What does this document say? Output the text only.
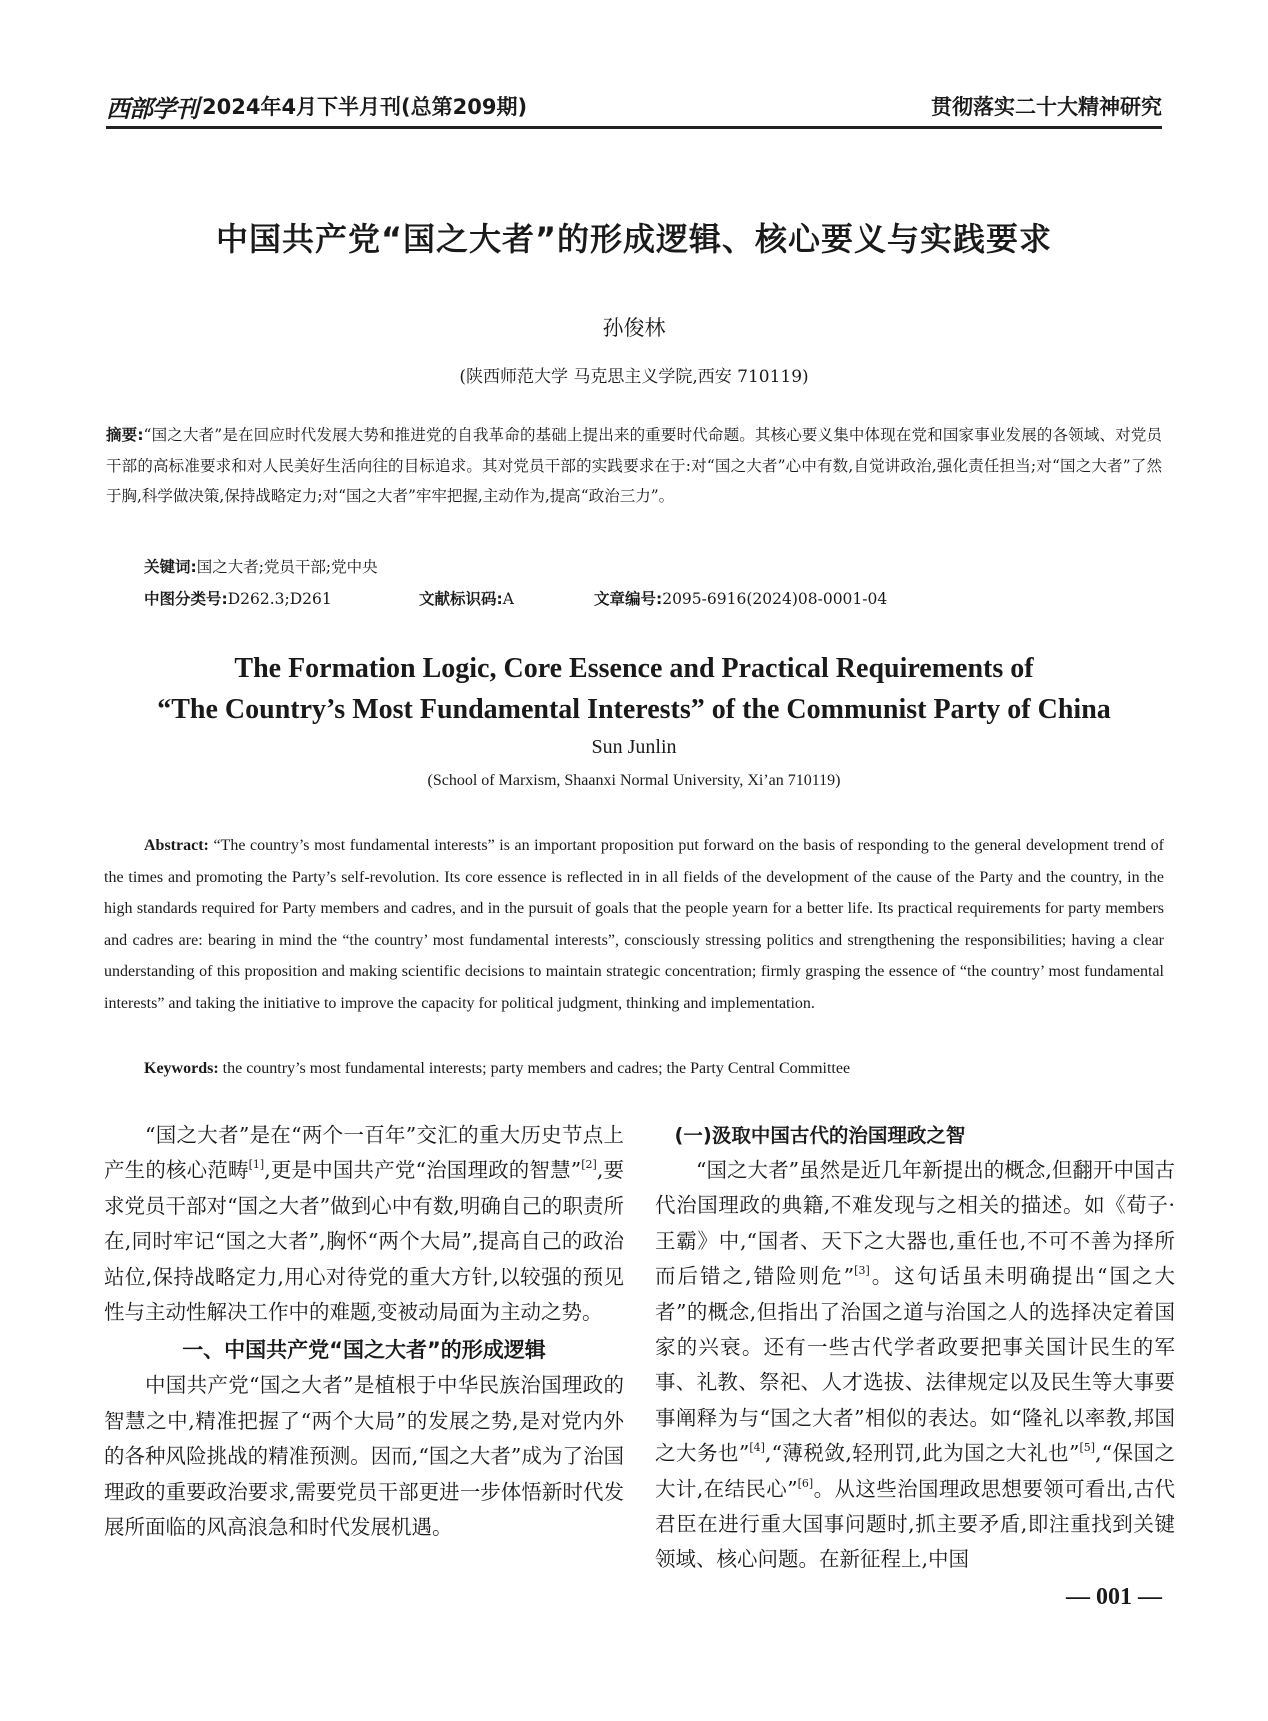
西部学刊 2024年4月下半月刊(总第209期)	贯彻落实二十大精神研究
中国共产党“国之大者”的形成逻辑、核心要义与实践要求
孙俊林
(陕西师范大学 马克思主义学院,西安 710119)
摘要:“国之大者”是在回应时代发展大势和推进党的自我革命的基础上提出来的重要时代命题。其核心要义集中体现在党和国家事业发展的各领域、对党员干部的高标准要求和对人民美好生活向往的目标追求。其对党员干部的实践要求在于:对“国之大者”心中有数,自觉讲政治,强化责任担当;对“国之大者”了然于胸,科学做决策,保持战略定力;对“国之大者”牢牢把握,主动作为,提高“政治三力”。
关键词:国之大者;党员干部;党中央
中图分类号:D262.3;D261	文献标识码:A	文章编号:2095-6916(2024)08-0001-04
The Formation Logic, Core Essence and Practical Requirements of
“The Country’s Most Fundamental Interests” of the Communist Party of China
Sun Junlin
(School of Marxism, Shaanxi Normal University, Xi’an 710119)
Abstract: “The country’s most fundamental interests” is an important proposition put forward on the basis of responding to the general development trend of the times and promoting the Party’s self-revolution. Its core essence is reflected in in all fields of the development of the cause of the Party and the country, in the high standards required for Party members and cadres, and in the pursuit of goals that the people yearn for a better life. Its practical requirements for party members and cadres are: bearing in mind the “the country’ most fundamental interests”, consciously stressing politics and strengthening the responsibilities; having a clear understanding of this proposition and making scientific decisions to maintain strategic concentration; firmly grasping the essence of “the country’ most fundamental interests” and taking the initiative to improve the capacity for political judgment, thinking and implementation.
Keywords: the country’s most fundamental interests; party members and cadres; the Party Central Committee

“国之大者”是在“两个一百年”交汇的重大历史节点上产生的核心范畴[1],更是中国共产党“治国理政的智慧”[2],要求党员干部对“国之大者”做到心中有数,明确自己的职责所在,同时牢记“国之大者”,胸怀“两个大局”,提高自己的政治站位,保持战略定力,用心对待党的重大方针,以较强的预见性与主动性解决工作中的难题,变被动局面为主动之势。

一、中国共产党“国之大者”的形成逻辑

中国共产党“国之大者”是植根于中华民族治国理政的智慧之中,精准把握了“两个大局”的发展之势,是对党内外的各种风险挑战的精准预测。因而,“国之大者”成为了治国理政的重要政治要求,需要党员干部更进一步体悟新时代发展所面临的风高浪急和时代发展机遇。

(一)汲取中国古代的治国理政之智

“国之大者”虽然是近几年新提出的概念,但翻开中国古代治国理政的典籍,不难发现与之相关的描述。如《荀子·王霸》中,“国者、天下之大器也,重任也,不可不善为择所而后错之,错险则危”[3]。这句话虽未明确提出“国之大者”的概念,但指出了治国之道与治国之人的选择决定着国家的兴衰。还有一些古代学者政要把事关国计民生的军事、礼教、祭祀、人才选拔、法律规定以及民生等大事要事阐释为与“国之大者”相似的表达。如“隆礼以率教,邦国之大务也”[4],“薄税敛,轻刑罚,此为国之大礼也”[5],“保国之大计,在结民心”[6]。从这些治国理政思想要领可看出,古代君臣在进行重大国事问题时,抓主要矛盾,即注重找到关键领域、核心问题。在新征程上,中国

— 001 —
